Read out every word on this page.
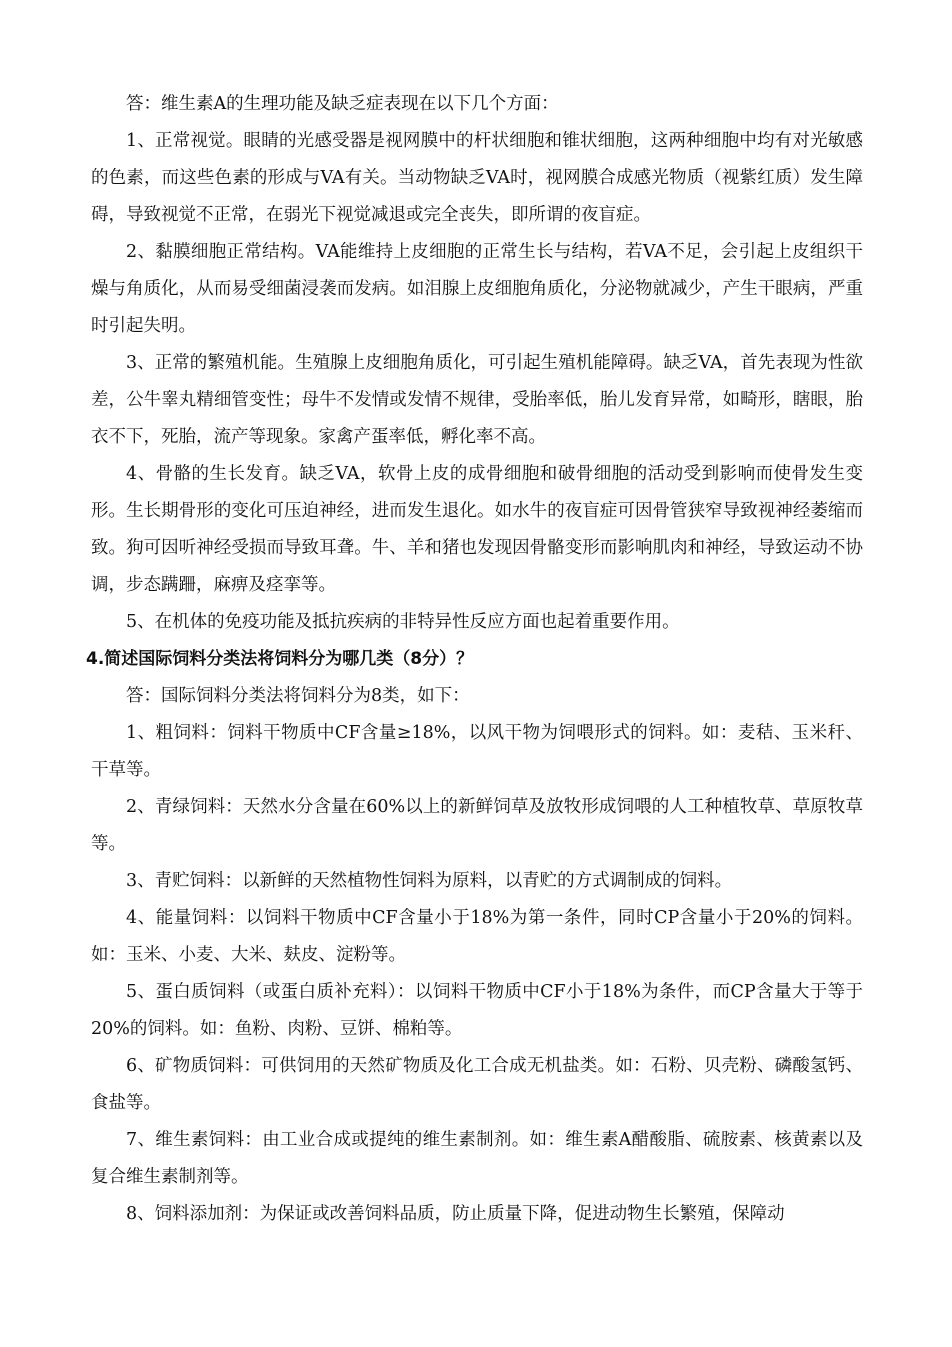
答：维生素A的生理功能及缺乏症表现在以下几个方面：

1、正常视觉。眼睛的光感受器是视网膜中的杆状细胞和锥状细胞，这两种细胞中均有对光敏感的色素，而这些色素的形成与VA有关。当动物缺乏VA时，视网膜合成感光物质（视紫红质）发生障碍，导致视觉不正常，在弱光下视觉减退或完全丧失，即所谓的夜盲症。

2、黏膜细胞正常结构。VA能维持上皮细胞的正常生长与结构，若VA不足，会引起上皮组织干燥与角质化，从而易受细菌浸袭而发病。如泪腺上皮细胞角质化，分泌物就减少，产生干眼病，严重时引起失明。

3、正常的繁殖机能。生殖腺上皮细胞角质化，可引起生殖机能障碍。缺乏VA，首先表现为性欲差，公牛睾丸精细管变性；母牛不发情或发情不规律，受胎率低，胎儿发育异常，如畸形，瞎眼，胎衣不下，死胎，流产等现象。家禽产蛋率低，孵化率不高。

4、骨骼的生长发育。缺乏VA，软骨上皮的成骨细胞和破骨细胞的活动受到影响而使骨发生变形。生长期骨形的变化可压迫神经，进而发生退化。如水牛的夜盲症可因骨管狭窄导致视神经萎缩而致。狗可因听神经受损而导致耳聋。牛、羊和猪也发现因骨骼变形而影响肌肉和神经，导致运动不协调，步态蹒跚，麻痹及痉挛等。

5、在机体的免疫功能及抵抗疾病的非特异性反应方面也起着重要作用。

4.简述国际饲料分类法将饲料分为哪几类（8分）？

答：国际饲料分类法将饲料分为8类，如下：

1、粗饲料：饲料干物质中CF含量≥18%，以风干物为饲喂形式的饲料。如：麦秸、玉米秆、干草等。

2、青绿饲料：天然水分含量在60%以上的新鲜饲草及放牧形成饲喂的人工种植牧草、草原牧草等。

3、青贮饲料：以新鲜的天然植物性饲料为原料，以青贮的方式调制成的饲料。

4、能量饲料：以饲料干物质中CF含量小于18%为第一条件，同时CP含量小于20%的饲料。如：玉米、小麦、大米、麸皮、淀粉等。

5、蛋白质饲料（或蛋白质补充料）：以饲料干物质中CF小于18%为条件，而CP含量大于等于20%的饲料。如：鱼粉、肉粉、豆饼、棉粕等。

6、矿物质饲料：可供饲用的天然矿物质及化工合成无机盐类。如：石粉、贝壳粉、磷酸氢钙、食盐等。

7、维生素饲料：由工业合成或提纯的维生素制剂。如：维生素A醋酸脂、硫胺素、核黄素以及复合维生素制剂等。

8、饲料添加剂：为保证或改善饲料品质，防止质量下降，促进动物生长繁殖，保障动
